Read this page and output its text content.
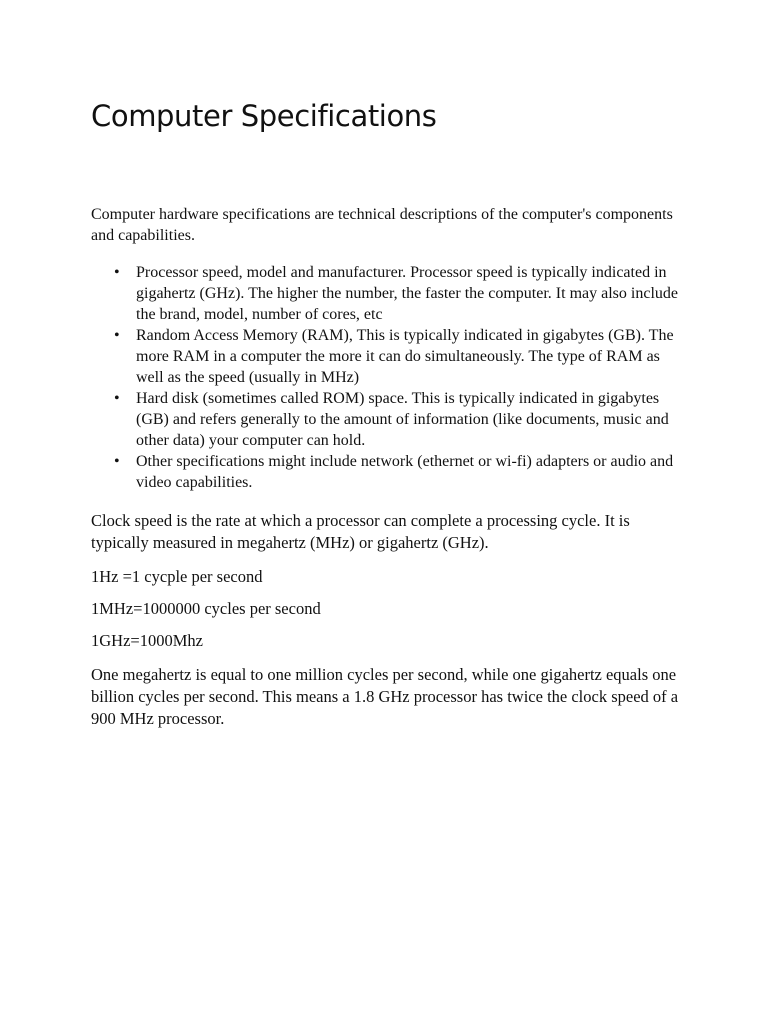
Computer Specifications

Computer hardware specifications are technical descriptions of the computer's components and capabilities.

• Processor speed, model and manufacturer. Processor speed is typically indicated in gigahertz (GHz). The higher the number, the faster the computer. It may also include the brand, model, number of cores, etc
• Random Access Memory (RAM), This is typically indicated in gigabytes (GB). The more RAM in a computer the more it can do simultaneously. The type of RAM as well as the speed (usually in MHz)
• Hard disk (sometimes called ROM) space. This is typically indicated in gigabytes (GB) and refers generally to the amount of information (like documents, music and other data) your computer can hold.
• Other specifications might include network (ethernet or wi-fi) adapters or audio and video capabilities.

Clock speed is the rate at which a processor can complete a processing cycle. It is typically measured in megahertz (MHz) or gigahertz (GHz).

1Hz =1 cycple per second

1MHz=1000000 cycles per second

1GHz=1000Mhz

One megahertz is equal to one million cycles per second, while one gigahertz equals one billion cycles per second. This means a 1.8 GHz processor has twice the clock speed of a 900 MHz processor.
